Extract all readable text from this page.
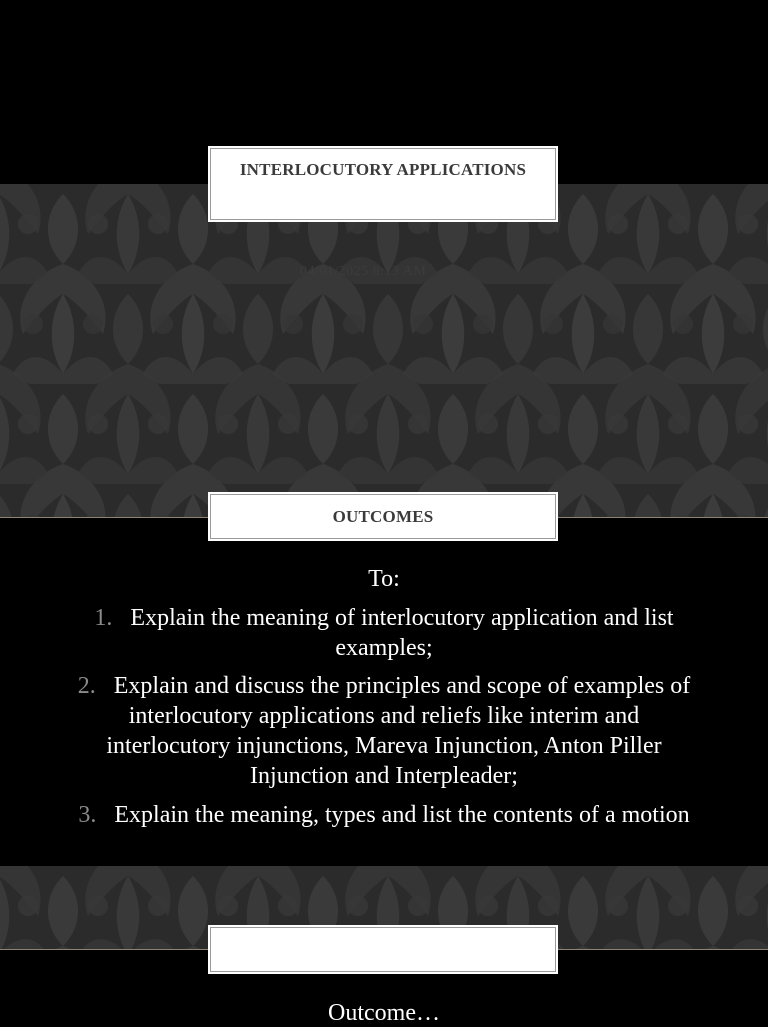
INTERLOCUTORY APPLICATIONS
04/01/2025 8:13 AM
OUTCOMES
To:
1. Explain the meaning of interlocutory application and list
examples;
2. Explain and discuss the principles and scope of examples of
interlocutory applications and reliefs like interim and
interlocutory injunctions, Mareva Injunction, Anton Piller
Injunction and Interpleader;
3. Explain the meaning, types and list the contents of a motion
Outcome…
